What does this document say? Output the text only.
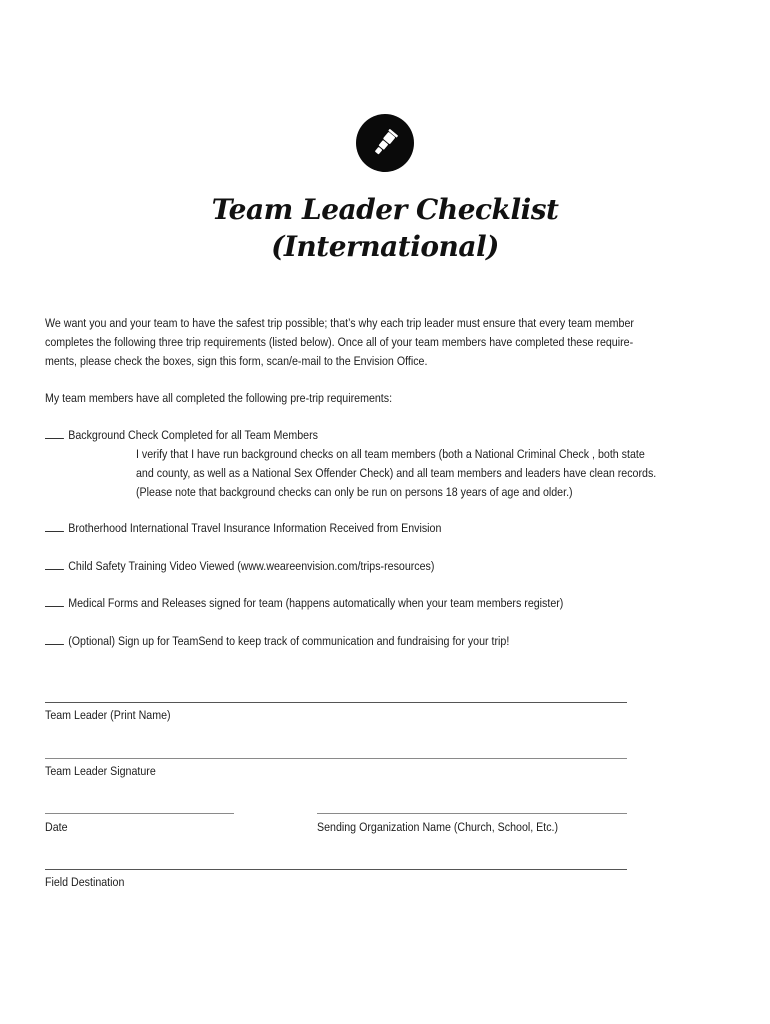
Team Leader Checklist
(International)
We want you and your team to have the safest trip possible; that’s why each trip leader must ensure that every team member
completes the following three trip requirements (listed below). Once all of your team members have completed these require-
ments, please check the boxes, sign this form, scan/e-mail to the Envision Office.
My team members have all completed the following pre-trip requirements:
Background Check Completed for all Team Members
I verify that I have run background checks on all team members (both a National Criminal Check , both state
and county, as well as a National Sex Offender Check) and all team members and leaders have clean records.
(Please note that background checks can only be run on persons 18 years of age and older.)
Brotherhood International Travel Insurance Information Received from Envision
Child Safety Training Video Viewed (www.weareenvision.com/trips-resources)
Medical Forms and Releases signed for team (happens automatically when your team members register)
(Optional) Sign up for TeamSend to keep track of communication and fundraising for your trip!
Team Leader (Print Name)
Team Leader Signature
Date	Sending Organization Name (Church, School, Etc.)
Field Destination
